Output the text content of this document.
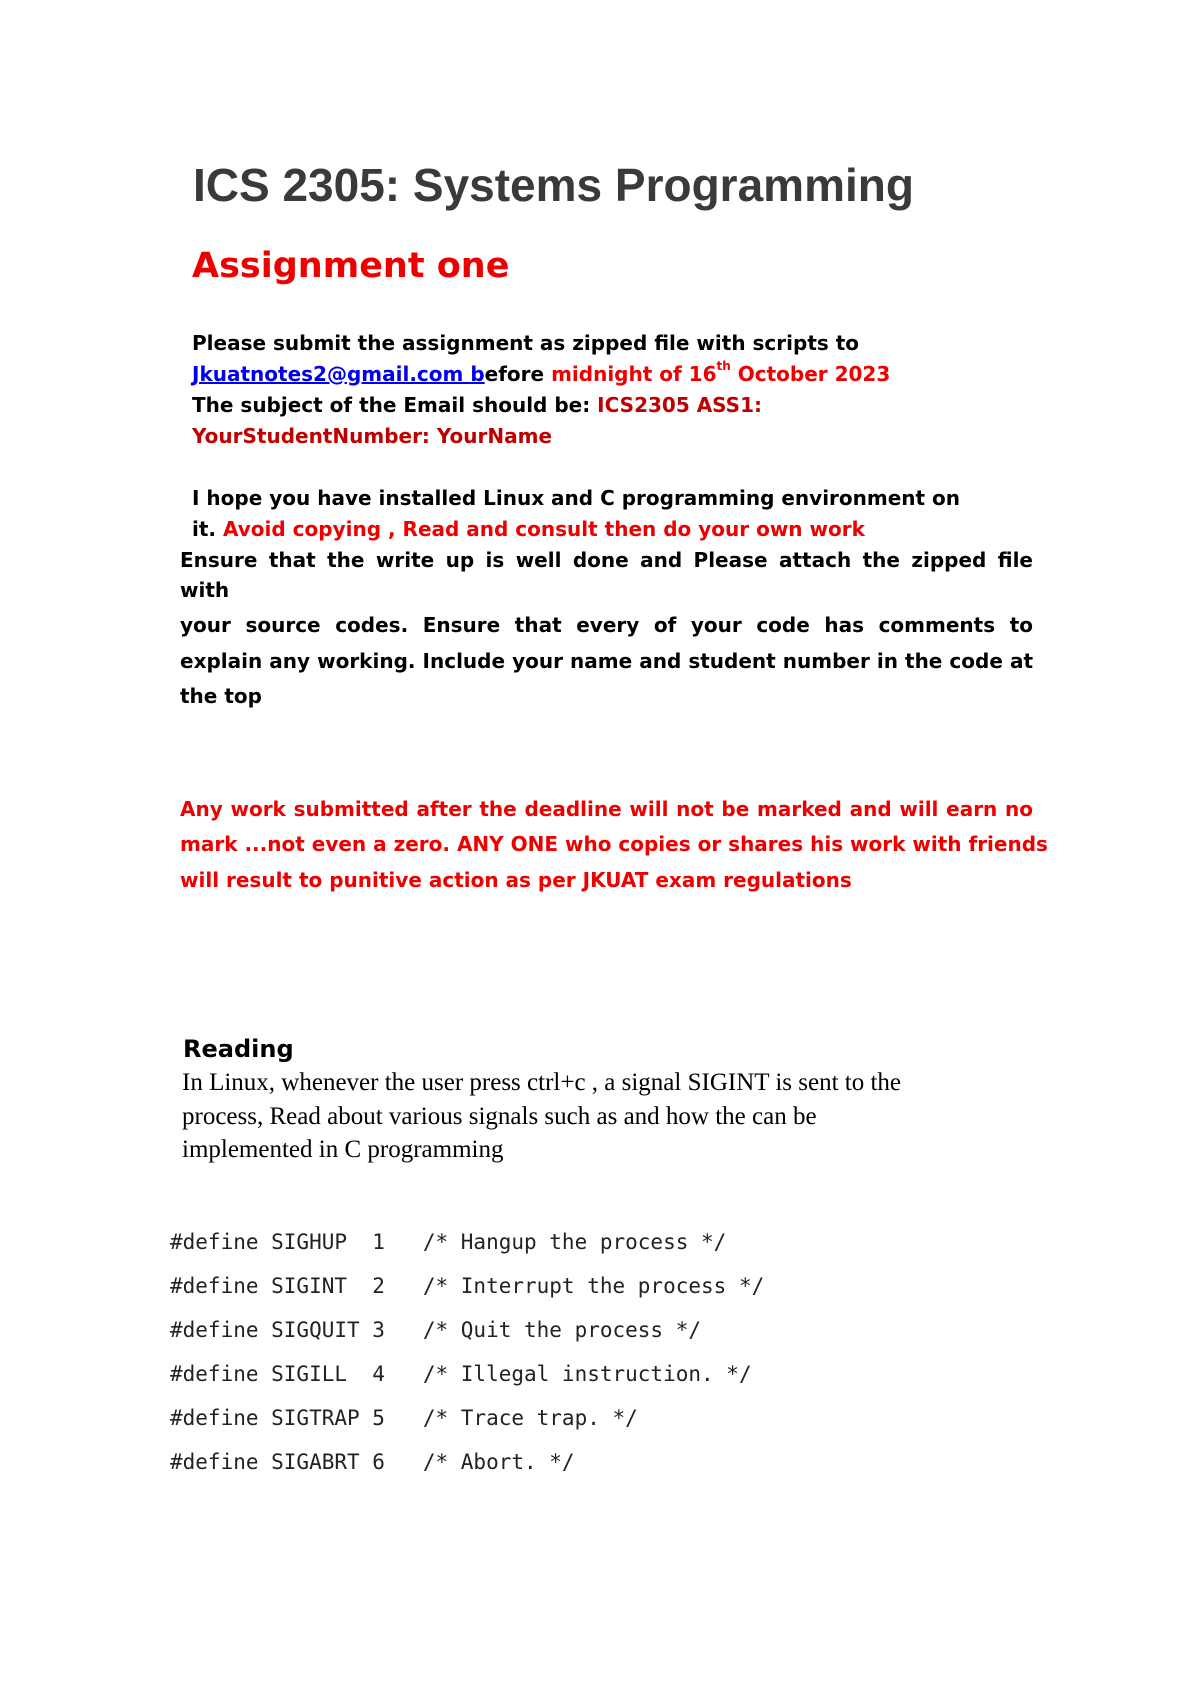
ICS 2305: Systems Programming
Assignment one
Please submit the assignment as zipped file with scripts to
Jkuatnotes2@gmail.com before midnight of 16th October 2023
The subject of the Email should be: ICS2305 ASS1:
YourStudentNumber: YourName
I hope you have installed Linux and C programming environment on
it. Avoid copying , Read and consult then do your own work
Ensure that the write up is well done and Please attach the zipped file
with
your source codes. Ensure that every of your code has comments to
explain any working. Include your name and student number in the code at
the top
Any work submitted after the deadline will not be marked and will earn no
mark ...not even a zero. ANY ONE who copies or shares his work with friends
will result to punitive action as per JKUAT exam regulations
Reading
In Linux, whenever the user press ctrl+c , a signal SIGINT is sent to the
process, Read about various signals such as and how the can be
implemented in C programming
#define SIGHUP  1   /* Hangup the process */
#define SIGINT  2   /* Interrupt the process */
#define SIGQUIT 3   /* Quit the process */
#define SIGILL  4   /* Illegal instruction. */
#define SIGTRAP 5   /* Trace trap. */
#define SIGABRT 6   /* Abort. */
